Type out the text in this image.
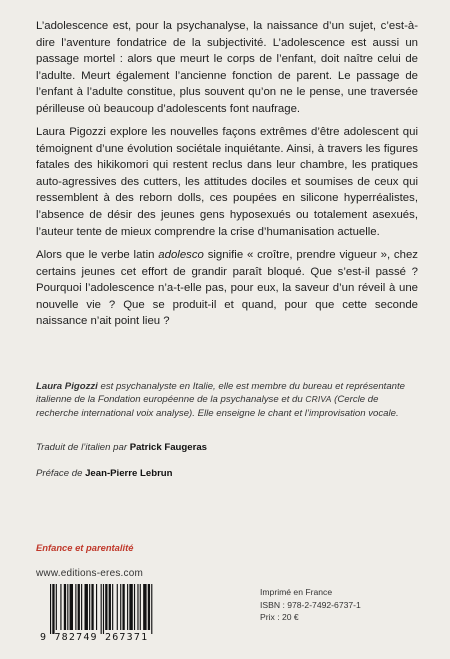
L’adolescence est, pour la psychanalyse, la naissance d’un sujet, c’est-à-dire l’aventure fondatrice de la subjectivité. L’adolescence est aussi un passage mortel : alors que meurt le corps de l’enfant, doit naître celui de l’adulte. Meurt également l’ancienne fonction de parent. Le passage de l’enfant à l’adulte constitue, plus souvent qu’on ne le pense, une traversée périlleuse où beaucoup d’adolescents font naufrage.

Laura Pigozzi explore les nouvelles façons extrêmes d’être adolescent qui témoignent d’une évolution sociétale inquiétante. Ainsi, à travers les figures fatales des hikikomori qui restent reclus dans leur chambre, les pratiques auto-agressives des cutters, les attitudes dociles et soumises de ceux qui ressemblent à des reborn dolls, ces poupées en silicone hyperréalistes, l’absence de désir des jeunes gens hyposexués ou totalement asexués, l’auteur tente de mieux comprendre la crise d’humanisation actuelle.

Alors que le verbe latin adolesco signifie « croître, prendre vigueur », chez certains jeunes cet effort de grandir paraît bloqué. Que s’est-il passé ? Pourquoi l’adolescence n’a-t-elle pas, pour eux, la saveur d’un réveil à une nouvelle vie ? Que se produit-il et quand, pour que cette seconde naissance n’ait point lieu ?

Laura Pigozzi est psychanalyste en Italie, elle est membre du bureau et représentante italienne de la Fondation européenne de la psychanalyse et du CRIVA (Cercle de recherche international voix analyse). Elle enseigne le chant et l’improvisation vocale.

Traduit de l’italien par Patrick Faugeras

Préface de Jean-Pierre Lebrun

Enfance et parentalité
www.editions-eres.com
9 782749 267371
Imprimé en France
ISBN : 978-2-7492-6737-1
Prix : 20 €
